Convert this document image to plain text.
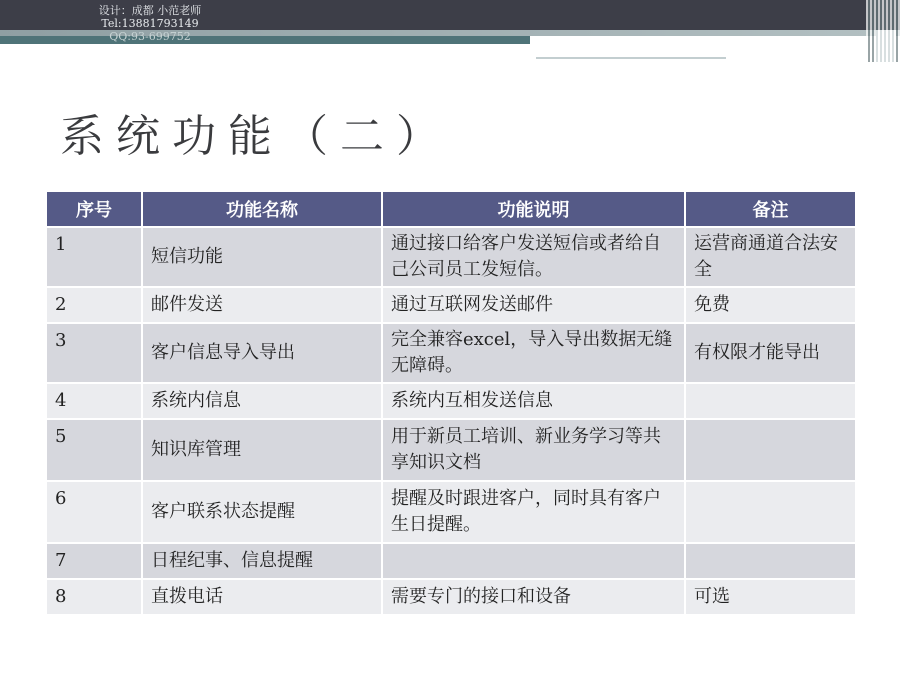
设计：成都 小范老师
Tel:13881793149
QQ:93-699752
系统功能（二）
序号	功能名称	功能说明	备注
1	短信功能	通过接口给客户发送短信或者给自己公司员工发短信。	运营商通道合法安全
2	邮件发送	通过互联网发送邮件	免费
3	客户信息导入导出	完全兼容excel，导入导出数据无缝无障碍。	有权限才能导出
4	系统内信息	系统内互相发送信息	
5	知识库管理	用于新员工培训、新业务学习等共享知识文档	
6	客户联系状态提醒	提醒及时跟进客户，同时具有客户生日提醒。	
7	日程纪事、信息提醒		
8	直拨电话	需要专门的接口和设备	可选
